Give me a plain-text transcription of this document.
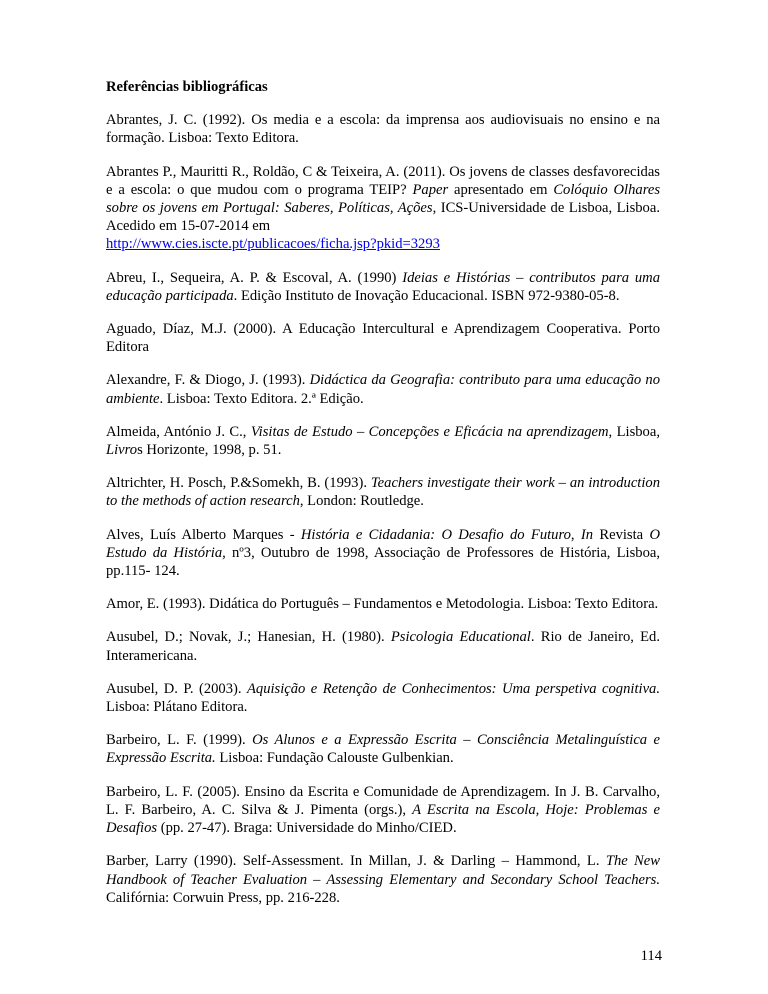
Referências bibliográficas

Abrantes, J. C. (1992). Os media e a escola: da imprensa aos audiovisuais no ensino e na formação. Lisboa: Texto Editora.

Abrantes P., Mauritti R., Roldão, C & Teixeira, A. (2011). Os jovens de classes desfavorecidas e a escola: o que mudou com o programa TEIP? Paper apresentado em Colóquio Olhares sobre os jovens em Portugal: Saberes, Políticas, Ações, ICS-Universidade de Lisboa, Lisboa. Acedido em 15-07-2014 em
http://www.cies.iscte.pt/publicacoes/ficha.jsp?pkid=3293

Abreu, I., Sequeira, A. P. & Escoval, A. (1990) Ideias e Histórias – contributos para uma educação participada. Edição Instituto de Inovação Educacional. ISBN 972-9380-05-8.

Aguado, Díaz, M.J. (2000). A Educação Intercultural e Aprendizagem Cooperativa. Porto Editora

Alexandre, F. & Diogo, J. (1993). Didáctica da Geografia: contributo para uma educação no ambiente. Lisboa: Texto Editora. 2.ª Edição.

Almeida, António J. C., Visitas de Estudo – Concepções e Eficácia na aprendizagem, Lisboa, Livros Horizonte, 1998, p. 51.

Altrichter, H. Posch, P.&Somekh, B. (1993). Teachers investigate their work – an introduction to the methods of action research, London: Routledge.

Alves, Luís Alberto Marques - História e Cidadania: O Desafio do Futuro, In Revista O Estudo da História, nº3, Outubro de 1998, Associação de Professores de História, Lisboa, pp.115- 124.

Amor, E. (1993). Didática do Português – Fundamentos e Metodologia. Lisboa: Texto Editora.

Ausubel, D.; Novak, J.; Hanesian, H. (1980). Psicologia Educational. Rio de Janeiro, Ed. Interamericana.

Ausubel, D. P. (2003). Aquisição e Retenção de Conhecimentos: Uma perspetiva cognitiva. Lisboa: Plátano Editora.

Barbeiro, L. F. (1999). Os Alunos e a Expressão Escrita – Consciência Metalinguística e Expressão Escrita. Lisboa: Fundação Calouste Gulbenkian.

Barbeiro, L. F. (2005). Ensino da Escrita e Comunidade de Aprendizagem. In J. B. Carvalho, L. F. Barbeiro, A. C. Silva & J. Pimenta (orgs.), A Escrita na Escola, Hoje: Problemas e Desafios (pp. 27-47). Braga: Universidade do Minho/CIED.

Barber, Larry (1990). Self-Assessment. In Millan, J. & Darling – Hammond, L. The New Handbook of Teacher Evaluation – Assessing Elementary and Secondary School Teachers. Califórnia: Corwuin Press, pp. 216-228.

114
